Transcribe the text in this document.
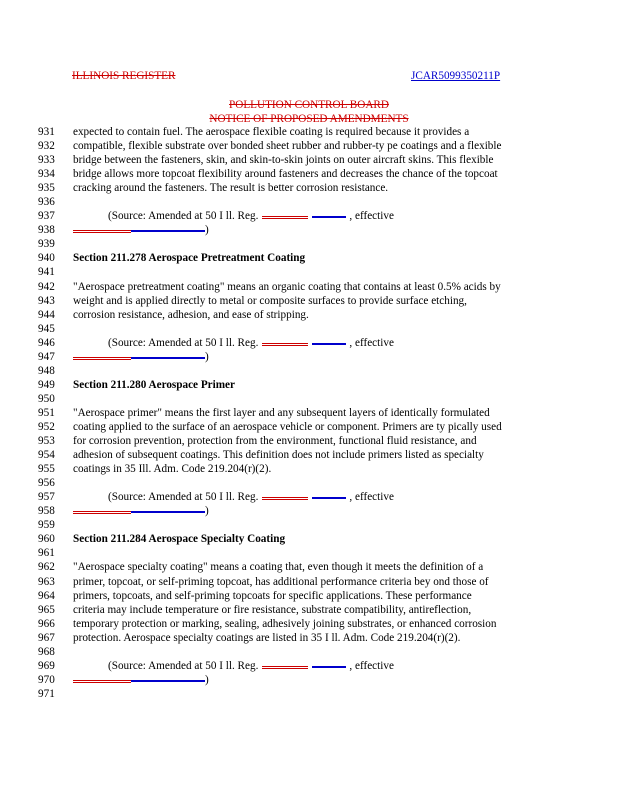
ILLINOIS REGISTER	JCAR5099350211P
POLLUTION CONTROL BOARD
NOTICE OF PROPOSED AMENDMENTS
931	expected to contain fuel. The aerospace flexible coating is required because it provides a
932	compatible, flexible substrate over bonded sheet rubber and rubber-ty pe coatings and a flexible
933	bridge between the fasteners, skin, and skin-to-skin joints on outer aircraft skins. This flexible
934	bridge allows more topcoat flexibility around fasteners and decreases the chance of the topcoat
935	cracking around the fasteners. The result is better corrosion resistance.
936
937	(Source: Amended at 50 I ll. Reg.	, effective
938	)
939
940	Section 211.278 Aerospace Pretreatment Coating
941
942	"Aerospace pretreatment coating" means an organic coating that contains at least 0.5% acids by
943	weight and is applied directly to metal or composite surfaces to provide surface etching,
944	corrosion resistance, adhesion, and ease of stripping.
945
946	(Source: Amended at 50 I ll. Reg.	, effective
947	)
948
949	Section 211.280 Aerospace Primer
950
951	"Aerospace primer" means the first layer and any subsequent layers of identically formulated
952	coating applied to the surface of an aerospace vehicle or component. Primers are ty pically used
953	for corrosion prevention, protection from the environment, functional fluid resistance, and
954	adhesion of subsequent coatings. This definition does not include primers listed as specialty
955	coatings in 35 Ill. Adm. Code 219.204(r)(2).
956
957	(Source: Amended at 50 I ll. Reg.	, effective
958	)
959
960	Section 211.284 Aerospace Specialty Coating
961
962	"Aerospace specialty coating" means a coating that, even though it meets the definition of a
963	primer, topcoat, or self-priming topcoat, has additional performance criteria bey ond those of
964	primers, topcoats, and self-priming topcoats for specific applications. These performance
965	criteria may include temperature or fire resistance, substrate compatibility, antireflection,
966	temporary protection or marking, sealing, adhesively joining substrates, or enhanced corrosion
967	protection. Aerospace specialty coatings are listed in 35 I ll. Adm. Code 219.204(r)(2).
968
969	(Source: Amended at 50 I ll. Reg.	, effective
970	)
971
